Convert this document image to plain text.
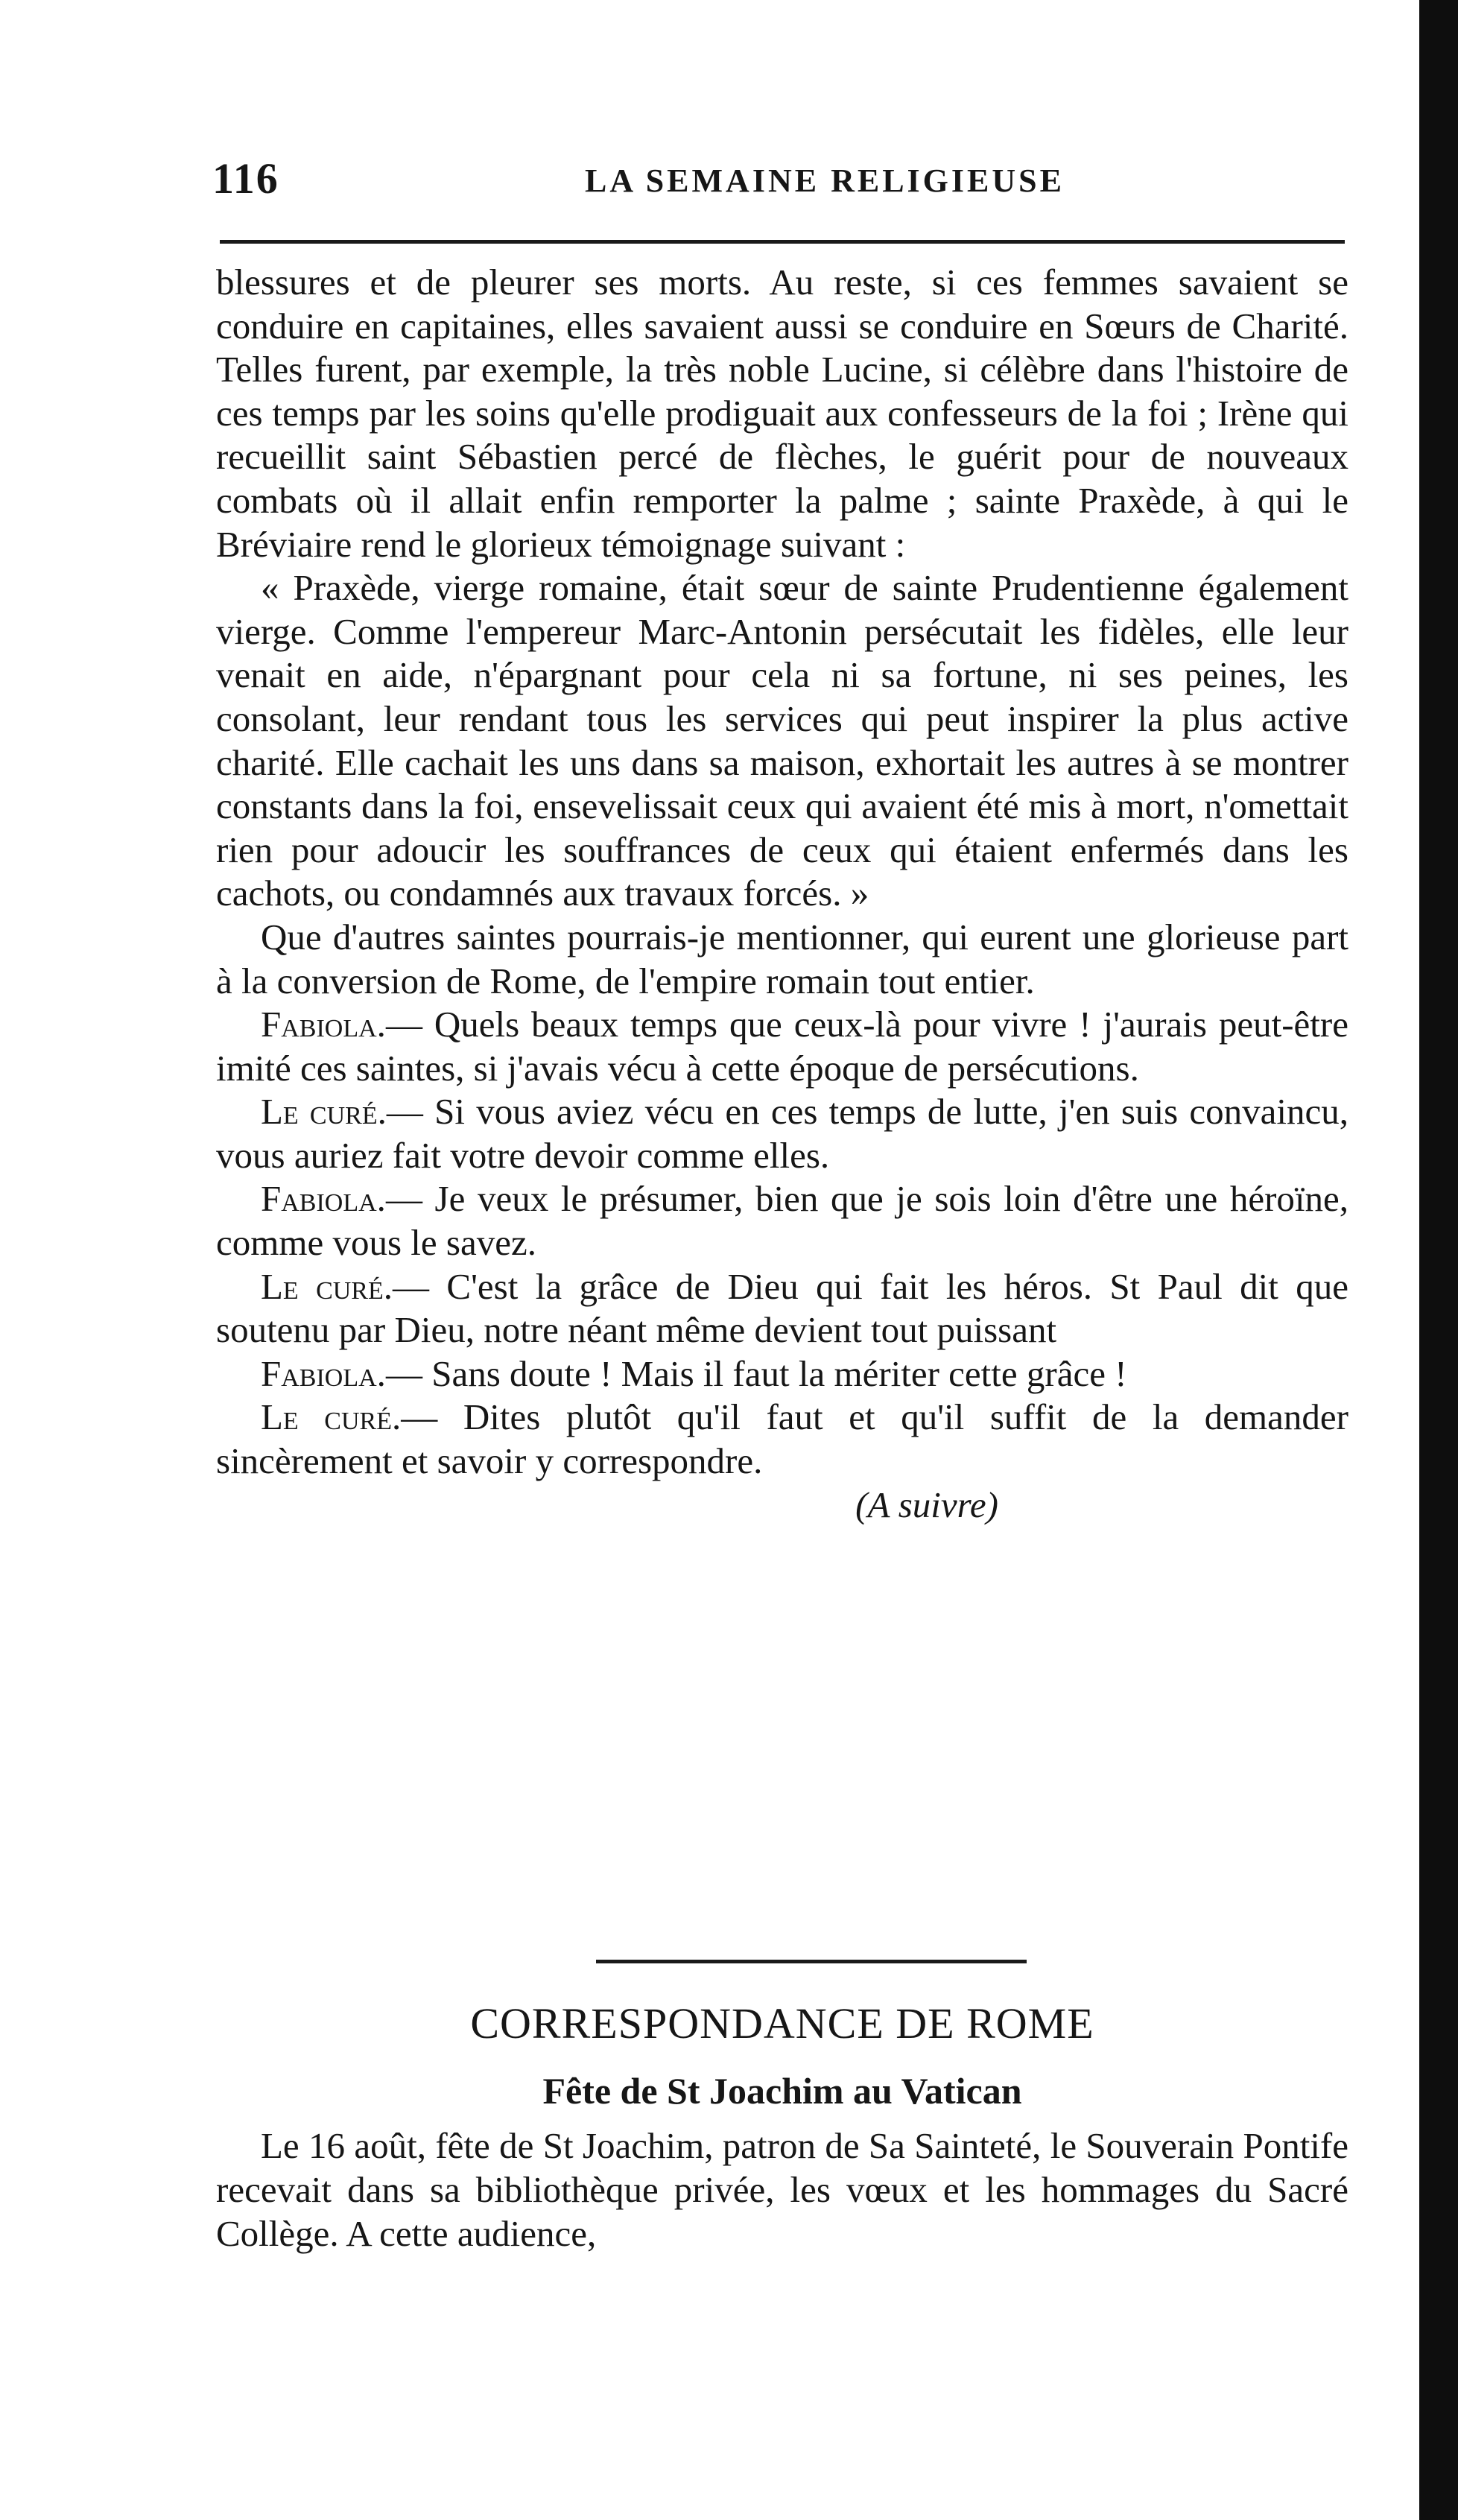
116	LA SEMAINE RELIGIEUSE

blessures et de pleurer ses morts. Au reste, si ces femmes savaient se conduire en capitaines, elles savaient aussi se conduire en Sœurs de Charité. Telles furent, par exemple, la très noble Lucine, si célèbre dans l'histoire de ces temps par les soins qu'elle prodiguait aux confesseurs de la foi ; Irène qui recueillit saint Sébastien percé de flèches, le guérit pour de nouveaux combats où il allait enfin remporter la palme ; sainte Praxède, à qui le Bréviaire rend le glorieux témoignage suivant :

« Praxède, vierge romaine, était sœur de sainte Prudentienne également vierge. Comme l'empereur Marc-Antonin persécutait les fidèles, elle leur venait en aide, n'épargnant pour cela ni sa fortune, ni ses peines, les consolant, leur rendant tous les services qui peut inspirer la plus active charité. Elle cachait les uns dans sa maison, exhortait les autres à se montrer constants dans la foi, ensevelissait ceux qui avaient été mis à mort, n'omettait rien pour adoucir les souffrances de ceux qui étaient enfermés dans les cachots, ou condamnés aux travaux forcés. »

Que d'autres saintes pourrais-je mentionner, qui eurent une glorieuse part à la conversion de Rome, de l'empire romain tout entier.

Fabiola.— Quels beaux temps que ceux-là pour vivre ! j'aurais peut-être imité ces saintes, si j'avais vécu à cette époque de persécutions.

Le curé.— Si vous aviez vécu en ces temps de lutte, j'en suis convaincu, vous auriez fait votre devoir comme elles.

Fabiola.— Je veux le présumer, bien que je sois loin d'être une héroïne, comme vous le savez.

Le curé.— C'est la grâce de Dieu qui fait les héros. St Paul dit que soutenu par Dieu, notre néant même devient tout puissant

Fabiola.— Sans doute ! Mais il faut la mériter cette grâce !

Le curé.— Dites plutôt qu'il faut et qu'il suffit de la demander sincèrement et savoir y correspondre.

(A suivre)

CORRESPONDANCE DE ROME
Fête de St Joachim au Vatican

Le 16 août, fête de St Joachim, patron de Sa Sainteté, le Souverain Pontife recevait dans sa bibliothèque privée, les vœux et les hommages du Sacré Collège. A cette audience,
